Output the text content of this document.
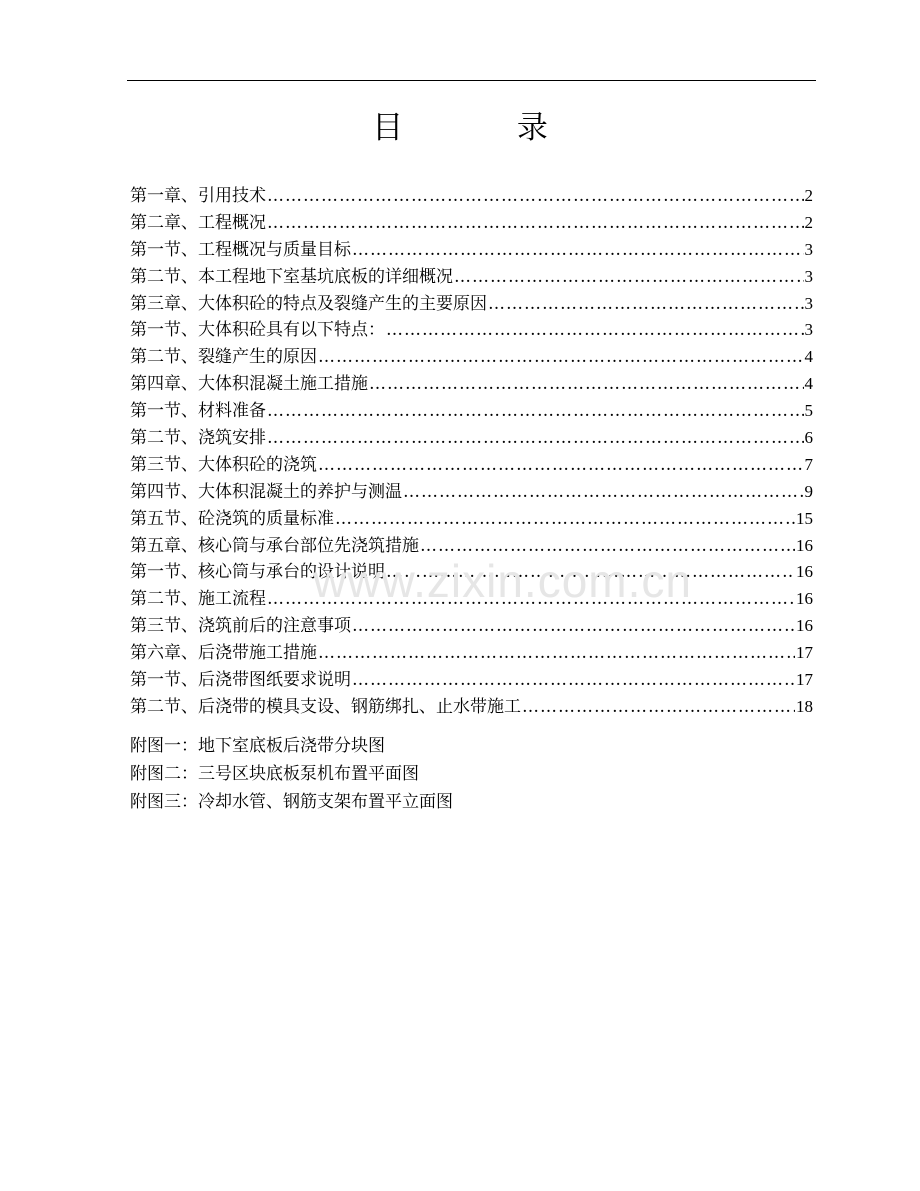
目 录
第一章、引用技术 ……………………………………………………………………………………………………………………………………………………………………	2
第二章、工程概况 ……………………………………………………………………………………………………………………………………………………………………	2
第一节、工程概况与质量目标 ……………………………………………………………………………………………………………………………………………………………………	3
第二节、本工程地下室基坑底板的详细概况 ……………………………………………………………………………………………………………………………………………………………………	3
第三章、大体积砼的特点及裂缝产生的主要原因 ……………………………………………………………………………………………………………………………………………………………………	3
第一节、大体积砼具有以下特点： ……………………………………………………………………………………………………………………………………………………………………	3
第二节、裂缝产生的原因 ……………………………………………………………………………………………………………………………………………………………………	4
第四章、大体积混凝土施工措施 ……………………………………………………………………………………………………………………………………………………………………	4
第一节、材料准备 ……………………………………………………………………………………………………………………………………………………………………	5
第二节、浇筑安排 ……………………………………………………………………………………………………………………………………………………………………	6
第三节、大体积砼的浇筑 ……………………………………………………………………………………………………………………………………………………………………	7
第四节、大体积混凝土的养护与测温 ……………………………………………………………………………………………………………………………………………………………………	9
第五节、砼浇筑的质量标准 ……………………………………………………………………………………………………………………………………………………………………	15
第五章、核心筒与承台部位先浇筑措施 ……………………………………………………………………………………………………………………………………………………………………	16
第一节、核心筒与承台的设计说明 ……………………………………………………………………………………………………………………………………………………………………	16
第二节、施工流程 ……………………………………………………………………………………………………………………………………………………………………	16
第三节、浇筑前后的注意事项 ……………………………………………………………………………………………………………………………………………………………………	16
第六章、后浇带施工措施 ……………………………………………………………………………………………………………………………………………………………………	17
第一节、后浇带图纸要求说明 ……………………………………………………………………………………………………………………………………………………………………	17
第二节、后浇带的模具支设、钢筋绑扎、止水带施工 ……………………………………………………………………………………………………………………………………………………………………	18
附图一：地下室底板后浇带分块图
附图二：三号区块底板泵机布置平面图
附图三：冷却水管、钢筋支架布置平立面图
www.zixin.com.cn
